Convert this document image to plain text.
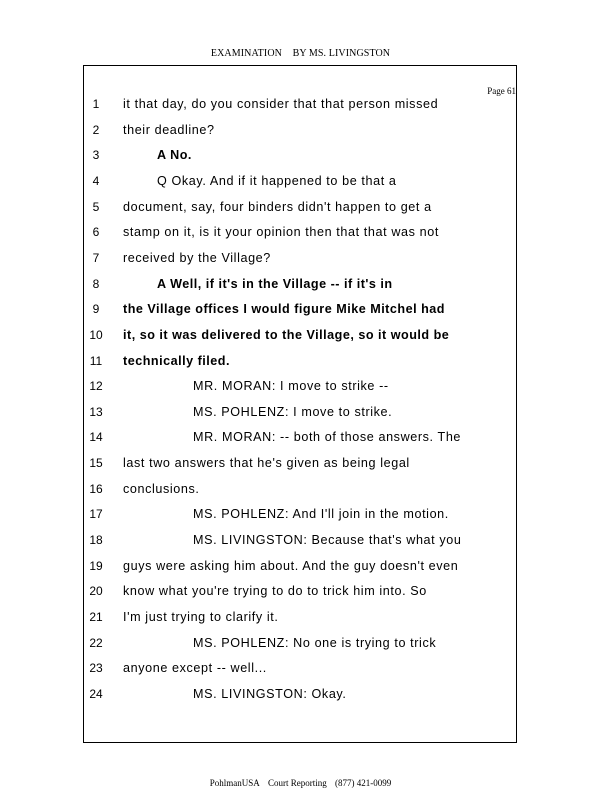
EXAMINATION BY MS. LIVINGSTON
Page 61
1	it that day, do you consider that that person missed
2	their deadline?
3	A No.
4	Q Okay. And if it happened to be that a
5	document, say, four binders didn't happen to get a
6	stamp on it, is it your opinion then that that was not
7	received by the Village?
8	A Well, if it's in the Village -- if it's in
9	the Village offices I would figure Mike Mitchel had
10 it, so it was delivered to the Village, so it would be
11 technically filed.
12	MR. MORAN: I move to strike --
13	MS. POHLENZ: I move to strike.
14	MR. MORAN: -- both of those answers. The
15 last two answers that he's given as being legal
16 conclusions.
17	MS. POHLENZ: And I'll join in the motion.
18	MS. LIVINGSTON: Because that's what you
19 guys were asking him about. And the guy doesn't even
20 know what you're trying to do to trick him into. So
21 I'm just trying to clarify it.
22	MS. POHLENZ: No one is trying to trick
23 anyone except -- well...
24	MS. LIVINGSTON: Okay.
PohlmanUSA Court Reporting (877) 421-0099
